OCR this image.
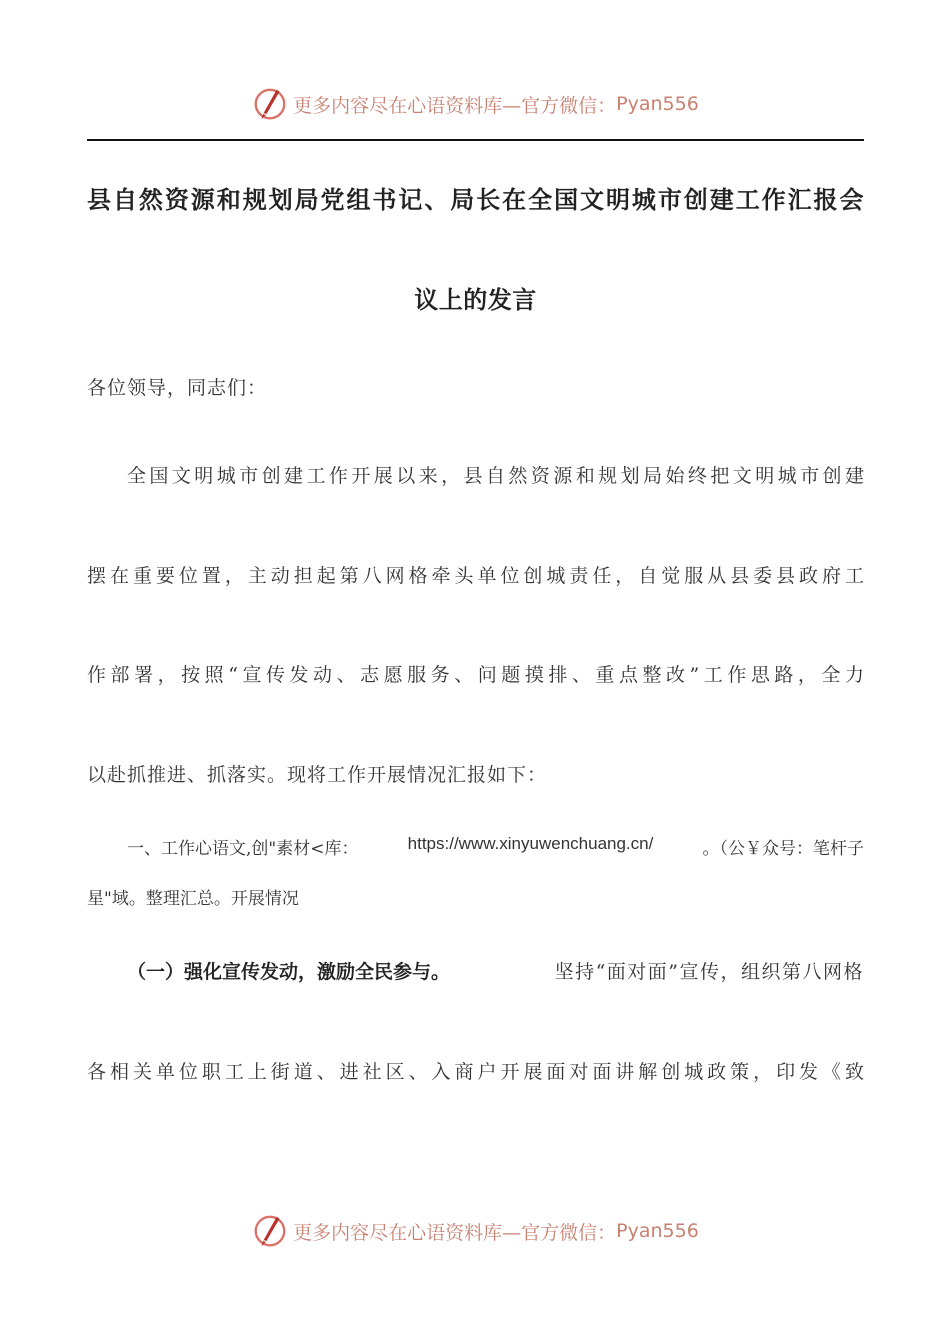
更多内容尽在心语资料库—官方微信： Pyan556
县自然资源和规划局党组书记、局长在全国文明城市创建工作汇报会
议上的发言
各位领导，同志们：
全国文明城市创建工作开展以来，县自然资源和规划局始终把文明城市创建
摆在重要位置，主动担起第八网格牵头单位创城责任，自觉服从县委县政府工
作部署，按照“宣传发动、志愿服务、问题摸排、重点整改”工作思路，全力
以赴抓推进、抓落实。现将工作开展情况汇报如下：
一、工作心语文,创"素材<库：	https://www.xinyuwenchuang.cn/	。（公￥众号：笔杆子
星"域。整理汇总。开展情况
（一）强化宣传发动，激励全民参与。	坚持“面对面”宣传，组织第八网格
各相关单位职工上街道、进社区、入商户开展面对面讲解创城政策，印发《致
更多内容尽在心语资料库—官方微信： Pyan556
